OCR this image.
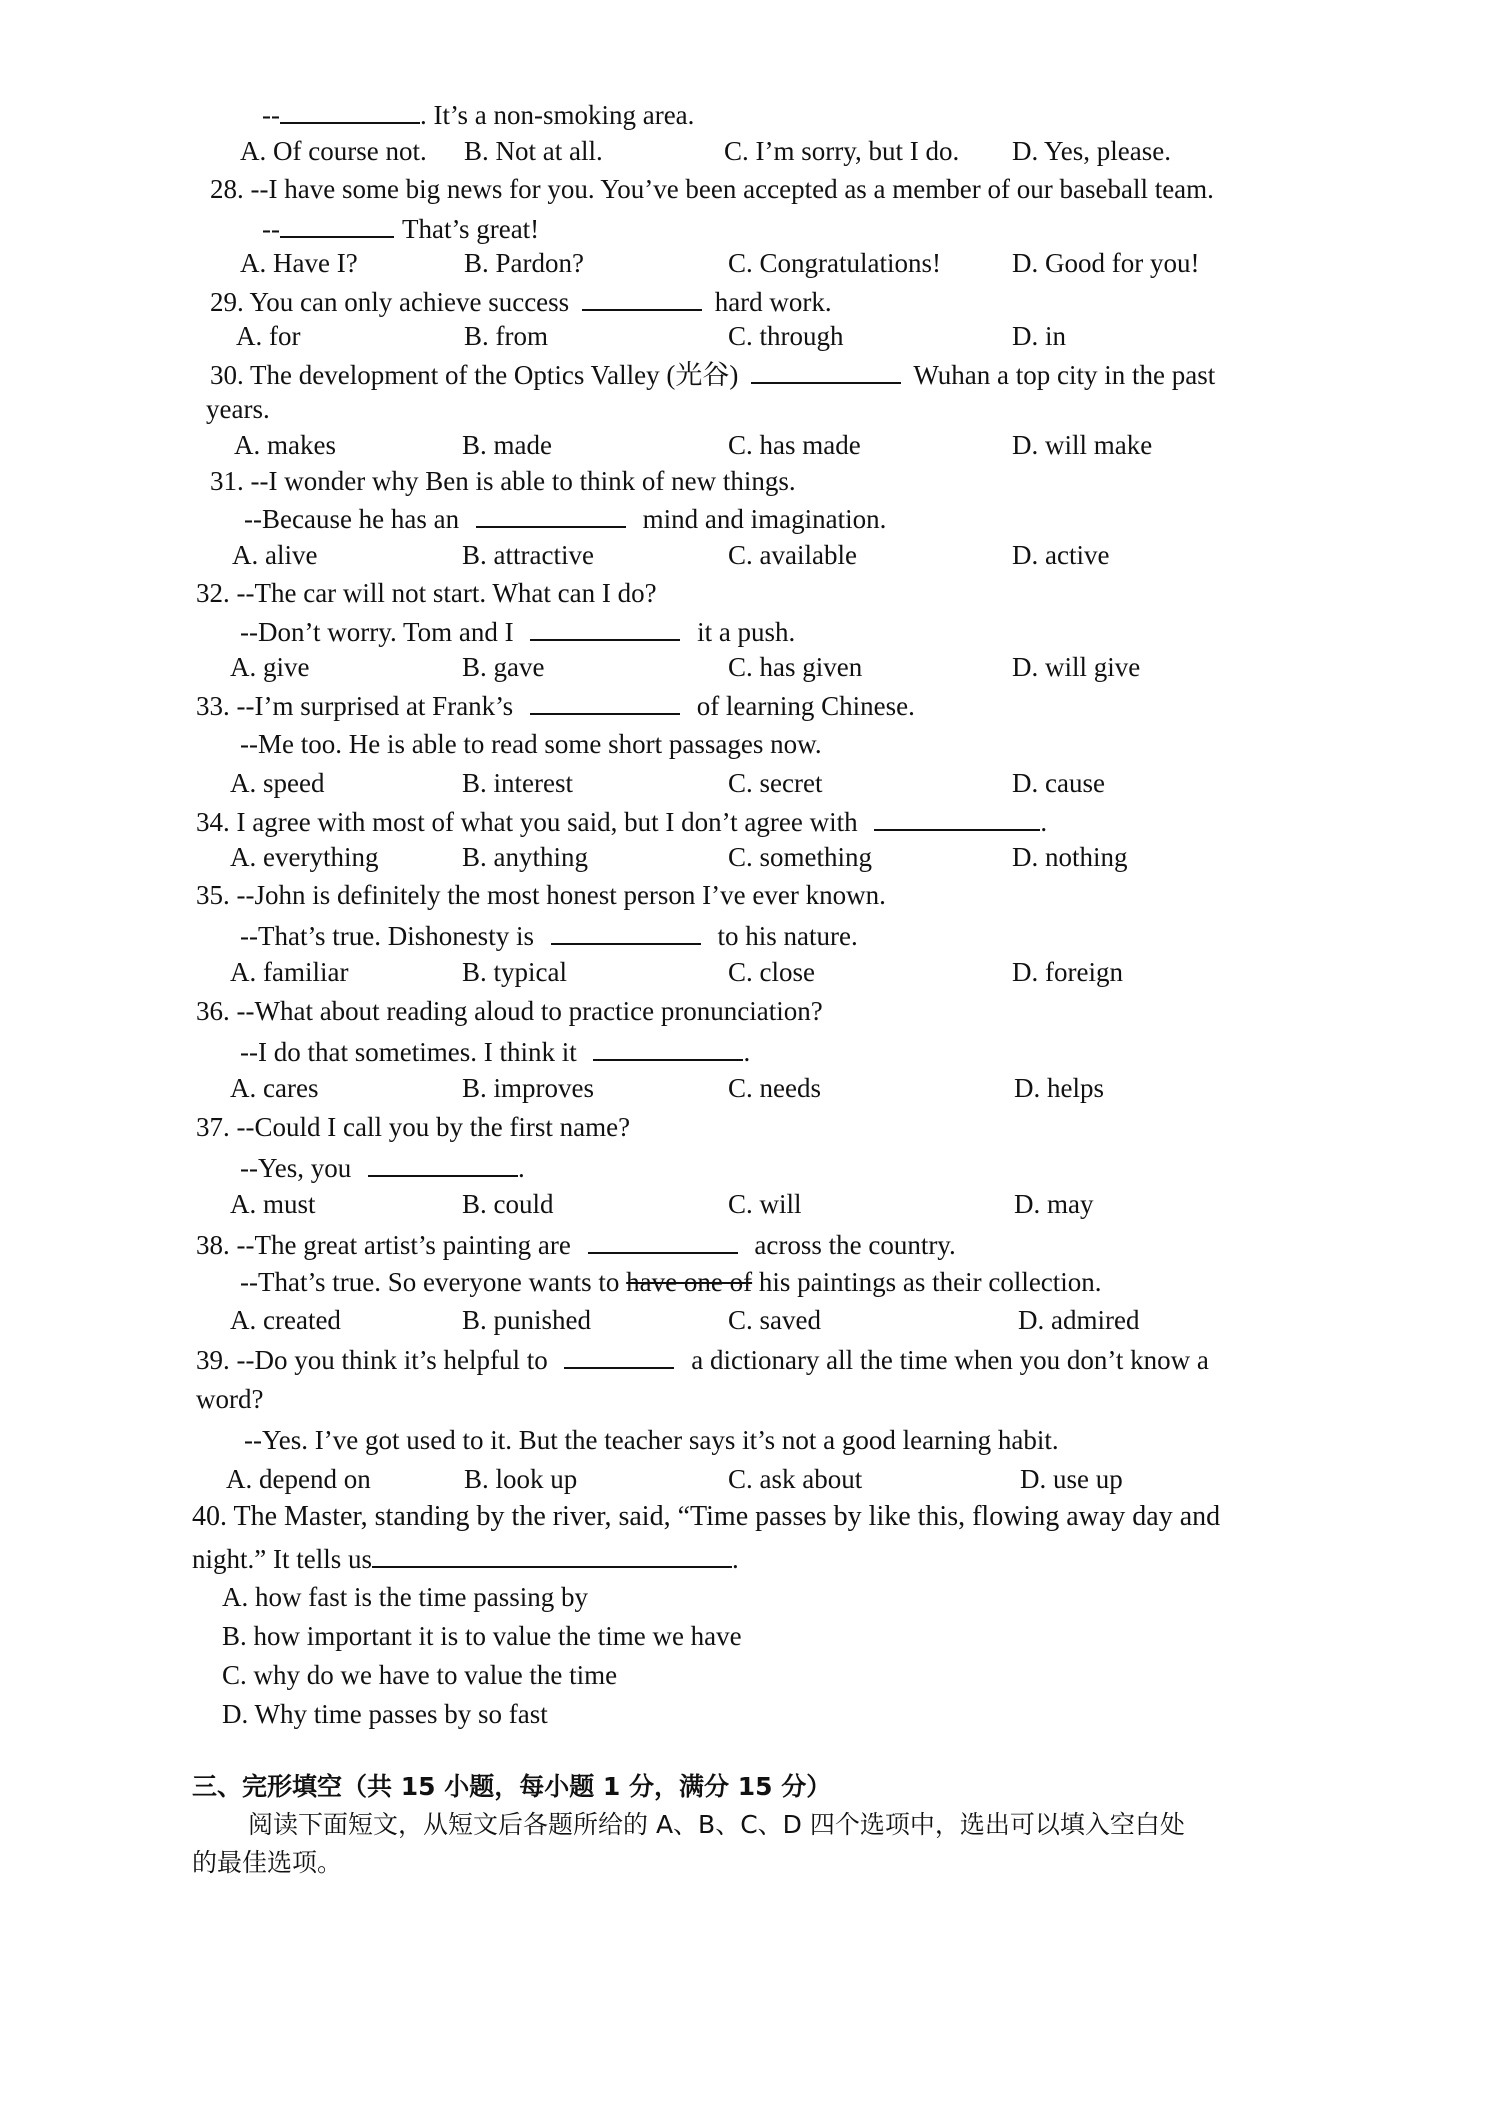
--	. It’s a non-smoking area.
A. Of course not. B. Not at all.	C. I’m sorry, but I do. D. Yes, please.
28. --I have some big news for you. You’ve been accepted as a member of our baseball team.
--	That’s great!
A. Have I?	B. Pardon?	C. Congratulations!	D. Good for you!
29. You can only achieve success	hard work.
A. for	B. from	C. through	D. in
30. The development of the Optics Valley (光谷)	Wuhan a top city in the past
years.
A. makes	B. made	C. has made	D. will make
31. --I wonder why Ben is able to think of new things.
--Because he has an	mind and imagination.
A. alive	B. attractive	C. available	D. active
32. --The car will not start. What can I do?
--Don’t worry. Tom and I	it a push.
A. give	B. gave	C. has given	D. will give
33. --I’m surprised at Frank’s	of learning Chinese.
--Me too. He is able to read some short passages now.
A. speed	B. interest	C. secret	D. cause
34. I agree with most of what you said, but I don’t agree with	.
A. everything	B. anything	C. something	D. nothing
35. --John is definitely the most honest person I’ve ever known.
--That’s true. Dishonesty is	to his nature.
A. familiar	B. typical	C. close	D. foreign
36. --What about reading aloud to practice pronunciation?
--I do that sometimes. I think it	.
A. cares	B. improves	C. needs	D. helps
37. --Could I call you by the first name?
--Yes, you	.
A. must	B. could	C. will	D. may
38. --The great artist’s painting are	across the country.
--That’s true. So everyone wants to have one of his paintings as their collection.
A. created	B. punished	C. saved	D. admired
39. --Do you think it’s helpful to	a dictionary all the time when you don’t know a
word?
--Yes. I’ve got used to it. But the teacher says it’s not a good learning habit.
A. depend on	B. look up	C. ask about	D. use up
40. The Master, standing by the river, said, “Time passes by like this, flowing away day and
night.” It tells us	.
A. how fast is the time passing by
B. how important it is to value the time we have
C. why do we have to value the time
D. Why time passes by so fast
三、完形填空（共 15 小题，每小题 1 分，满分 15 分）
阅读下面短文，从短文后各题所给的 A、B、C、D 四个选项中，选出可以填入空白处
的最佳选项。
